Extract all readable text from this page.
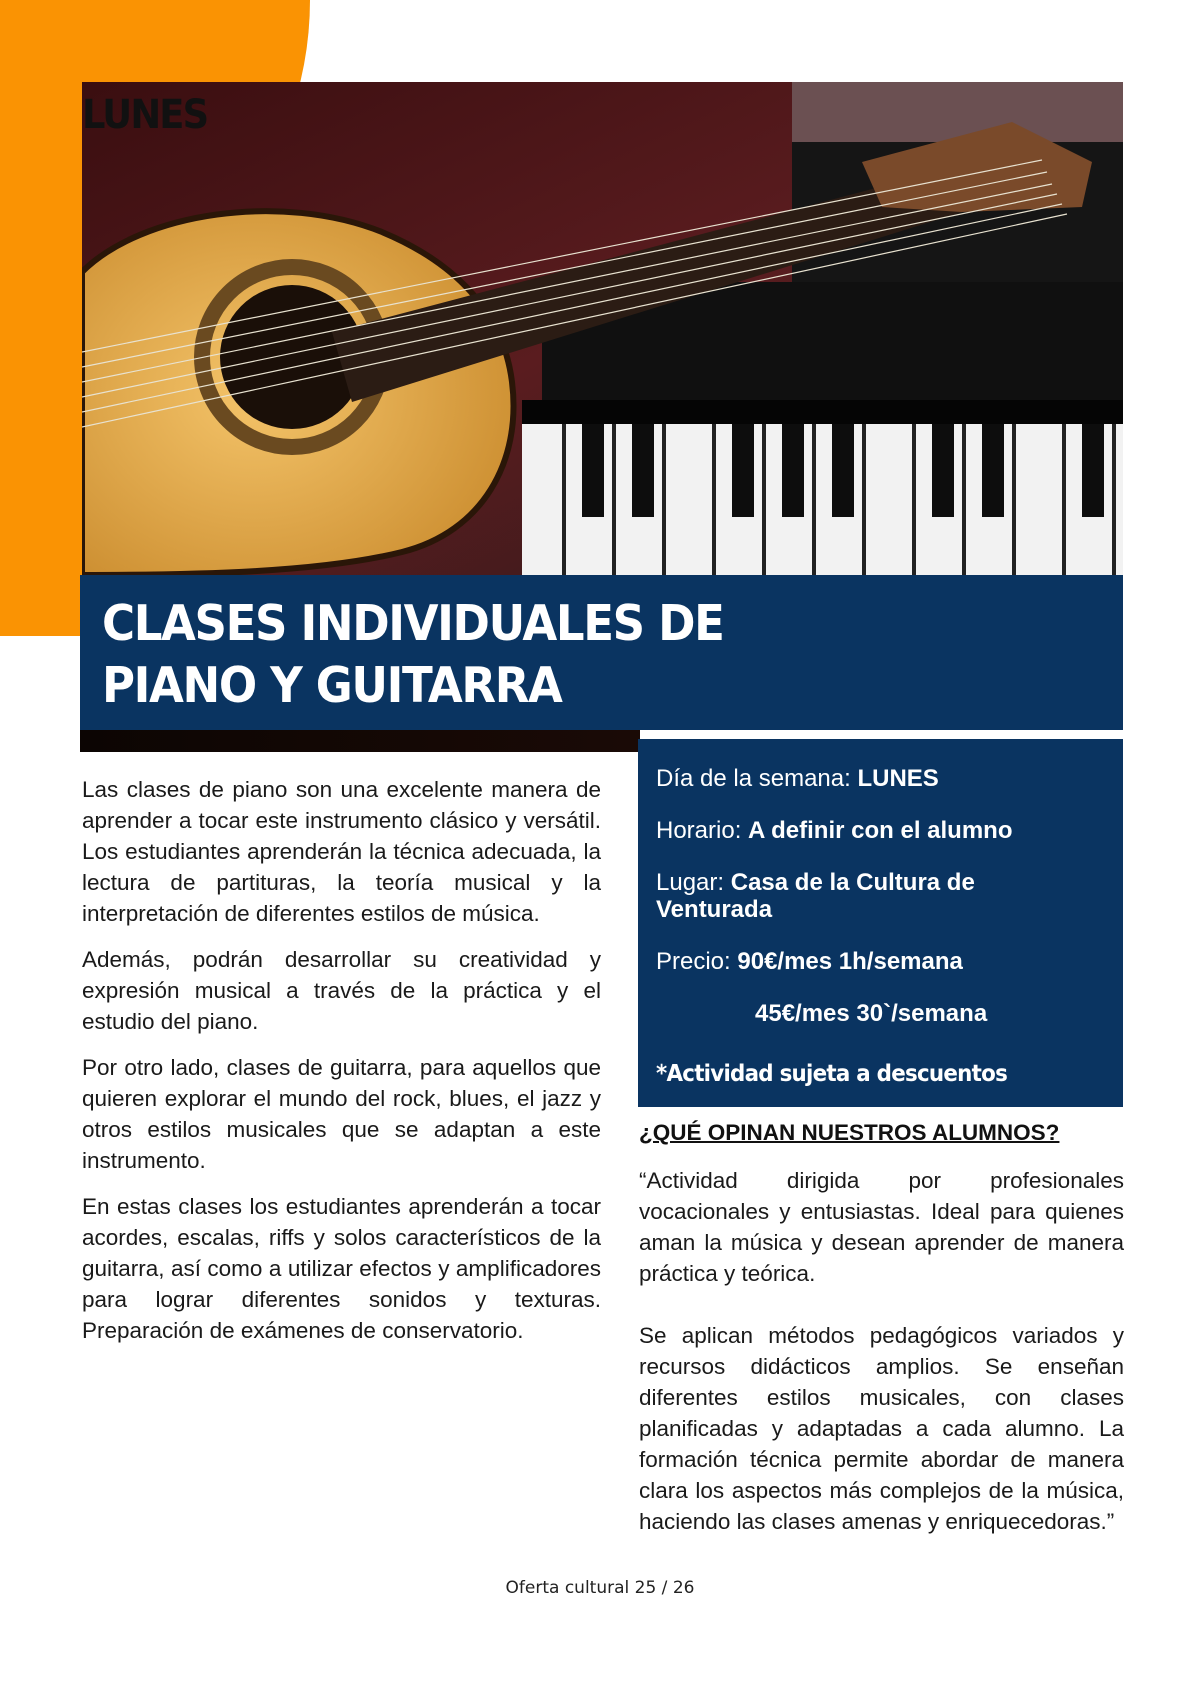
LUNES
CLASES INDIVIDUALES DE
PIANO Y GUITARRA

Las clases de piano son una excelente manera de aprender a tocar este instrumento clásico y versátil. Los estudiantes aprenderán la técnica adecuada, la lectura de partituras, la teoría musical y la interpretación de diferentes estilos de música.

Además, podrán desarrollar su creatividad y expresión musical a través de la práctica y el estudio del piano.

Por otro lado, clases de guitarra, para aquellos que quieren explorar el mundo del rock, blues, el jazz y otros estilos musicales que se adaptan a este instrumento.

En estas clases los estudiantes aprenderán a tocar acordes, escalas, riffs y solos característicos de la guitarra, así como a utilizar efectos y amplificadores para lograr diferentes sonidos y texturas. Preparación de exámenes de conservatorio.

Día de la semana: LUNES
Horario: A definir con el alumno
Lugar: Casa de la Cultura de
Venturada
Precio: 90€/mes 1h/semana
45€/mes 30`/semana
*Actividad sujeta a descuentos
¿QUÉ OPINAN NUESTROS ALUMNOS?

“Actividad dirigida por profesionales vocacionales y entusiastas. Ideal para quienes aman la música y desean aprender de manera práctica y teórica.

Se aplican métodos pedagógicos variados y recursos didácticos amplios. Se enseñan diferentes estilos musicales, con clases planificadas y adaptadas a cada alumno. La formación técnica permite abordar de manera clara los aspectos más complejos de la música, haciendo las clases amenas y enriquecedoras.”

Oferta cultural 25 / 26
